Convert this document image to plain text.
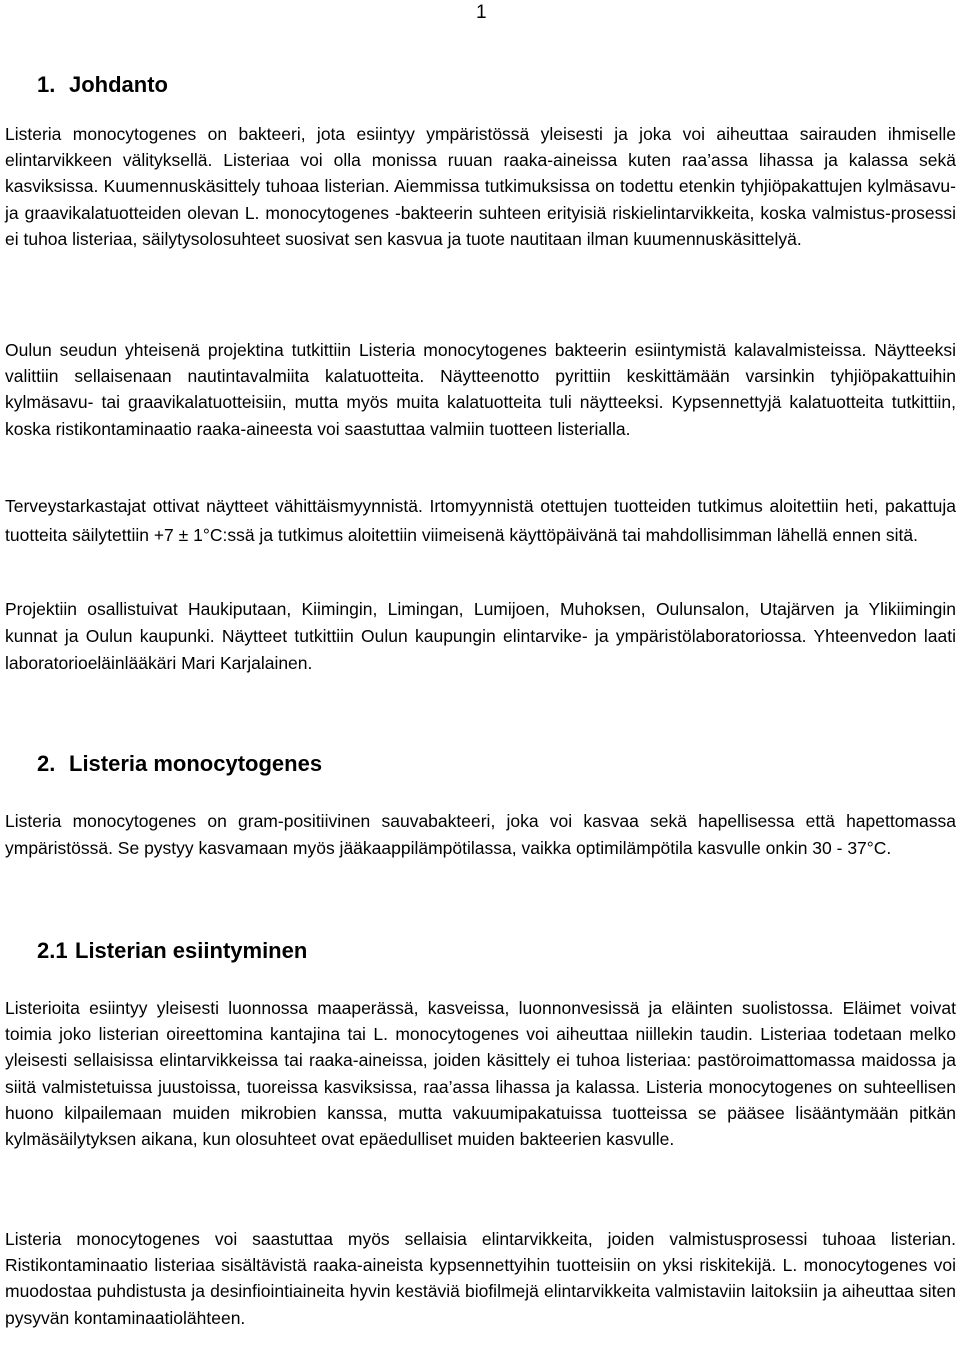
1
1. Johdanto

Listeria monocytogenes on bakteeri, jota esiintyy ympäristössä yleisesti ja joka voi aiheuttaa sairauden ihmiselle elintarvikkeen välityksellä. Listeriaa voi olla monissa ruuan raaka-aineissa kuten raa’assa lihassa ja kalassa sekä kasviksissa. Kuumennuskäsittely tuhoaa listerian. Aiemmissa tutkimuksissa on todettu etenkin tyhjiöpakattujen kylmäsavu- ja graavikalatuotteiden olevan L. monocytogenes -bakteerin suhteen erityisiä riskielintarvikkeita, koska valmistus-prosessi ei tuhoa listeriaa, säilytysolosuhteet suosivat sen kasvua ja tuote nautitaan ilman kuumennuskäsittelyä.

Oulun seudun yhteisenä projektina tutkittiin Listeria monocytogenes bakteerin esiintymistä kalavalmisteissa. Näytteeksi valittiin sellaisenaan nautintavalmiita kalatuotteita. Näytteenotto pyrittiin keskittämään varsinkin tyhjiöpakattuihin kylmäsavu- tai graavikalatuotteisiin, mutta myös muita kalatuotteita tuli näytteeksi. Kypsennettyjä kalatuotteita tutkittiin, koska ristikontaminaatio raaka-aineesta voi saastuttaa valmiin tuotteen listerialla.

Terveystarkastajat ottivat näytteet vähittäismyynnistä. Irtomyynnistä otettujen tuotteiden tutkimus aloitettiin heti, pakattuja tuotteita säilytettiin +7 ± 1°C:ssä ja tutkimus aloitettiin viimeisenä käyttöpäivänä tai mahdollisimman lähellä ennen sitä.

Projektiin osallistuivat Haukiputaan, Kiimingin, Limingan, Lumijoen, Muhoksen, Oulunsalon, Utajärven ja Ylikiimingin kunnat ja Oulun kaupunki. Näytteet tutkittiin Oulun kaupungin elintarvike- ja ympäristölaboratoriossa. Yhteenvedon laati laboratorioeläinlääkäri Mari Karjalainen.

2. Listeria monocytogenes

Listeria monocytogenes on gram-positiivinen sauvabakteeri, joka voi kasvaa sekä hapellisessa että hapettomassa ympäristössä. Se pystyy kasvamaan myös jääkaappilämpötilassa, vaikka optimilämpötila kasvulle onkin 30 - 37°C.

2.1 Listerian esiintyminen

Listerioita esiintyy yleisesti luonnossa maaperässä, kasveissa, luonnonvesissä ja eläinten suolistossa. Eläimet voivat toimia joko listerian oireettomina kantajina tai L. monocytogenes voi aiheuttaa niillekin taudin. Listeriaa todetaan melko yleisesti sellaisissa elintarvikkeissa tai raaka-aineissa, joiden käsittely ei tuhoa listeriaa: pastöroimattomassa maidossa ja siitä valmistetuissa juustoissa, tuoreissa kasviksissa, raa’assa lihassa ja kalassa. Listeria monocytogenes on suhteellisen huono kilpailemaan muiden mikrobien kanssa, mutta vakuumipakatuissa tuotteissa se pääsee lisääntymään pitkän kylmäsäilytyksen aikana, kun olosuhteet ovat epäedulliset muiden bakteerien kasvulle.

Listeria monocytogenes voi saastuttaa myös sellaisia elintarvikkeita, joiden valmistusprosessi tuhoaa listerian. Ristikontaminaatio listeriaa sisältävistä raaka-aineista kypsennettyihin tuotteisiin on yksi riskitekijä. L. monocytogenes voi muodostaa puhdistusta ja desinfiointiaineita hyvin kestäviä biofilmejä elintarvikkeita valmistaviin laitoksiin ja aiheuttaa siten pysyvän kontaminaatiolähteen.
